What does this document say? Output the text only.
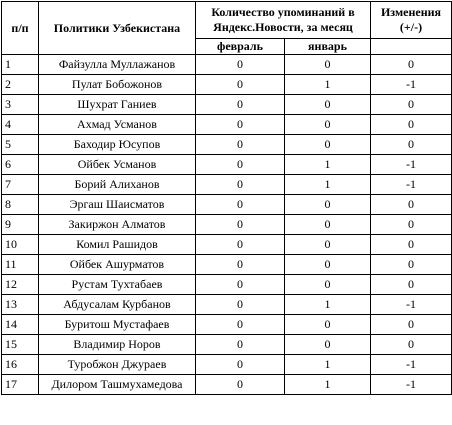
п/п	Политики Узбекистана	Количество упоминаний в Яндекс.Новости, за месяц		Изменения (+/-)
		февраль	январь	
1	Файзулла Муллажанов	0	0	0
2	Пулат Бобожонов	0	1	-1
3	Шухрат Ганиев	0	0	0
4	Ахмад Усманов	0	0	0
5	Баходир Юсупов	0	0	0
6	Ойбек Усманов	0	1	-1
7	Борий Алиханов	0	1	-1
8	Эргаш Шаисматов	0	0	0
9	Закиржон Алматов	0	0	0
10	Комил Рашидов	0	0	0
11	Ойбек Ашурматов	0	0	0
12	Рустам Тухтабаев	0	0	0
13	Абдусалам Курбанов	0	1	-1
14	Буритош Мустафаев	0	0	0
15	Владимир Норов	0	0	0
16	Туробжон Джураев	0	1	-1
17	Дилором Ташмухамедова	0	1	-1
